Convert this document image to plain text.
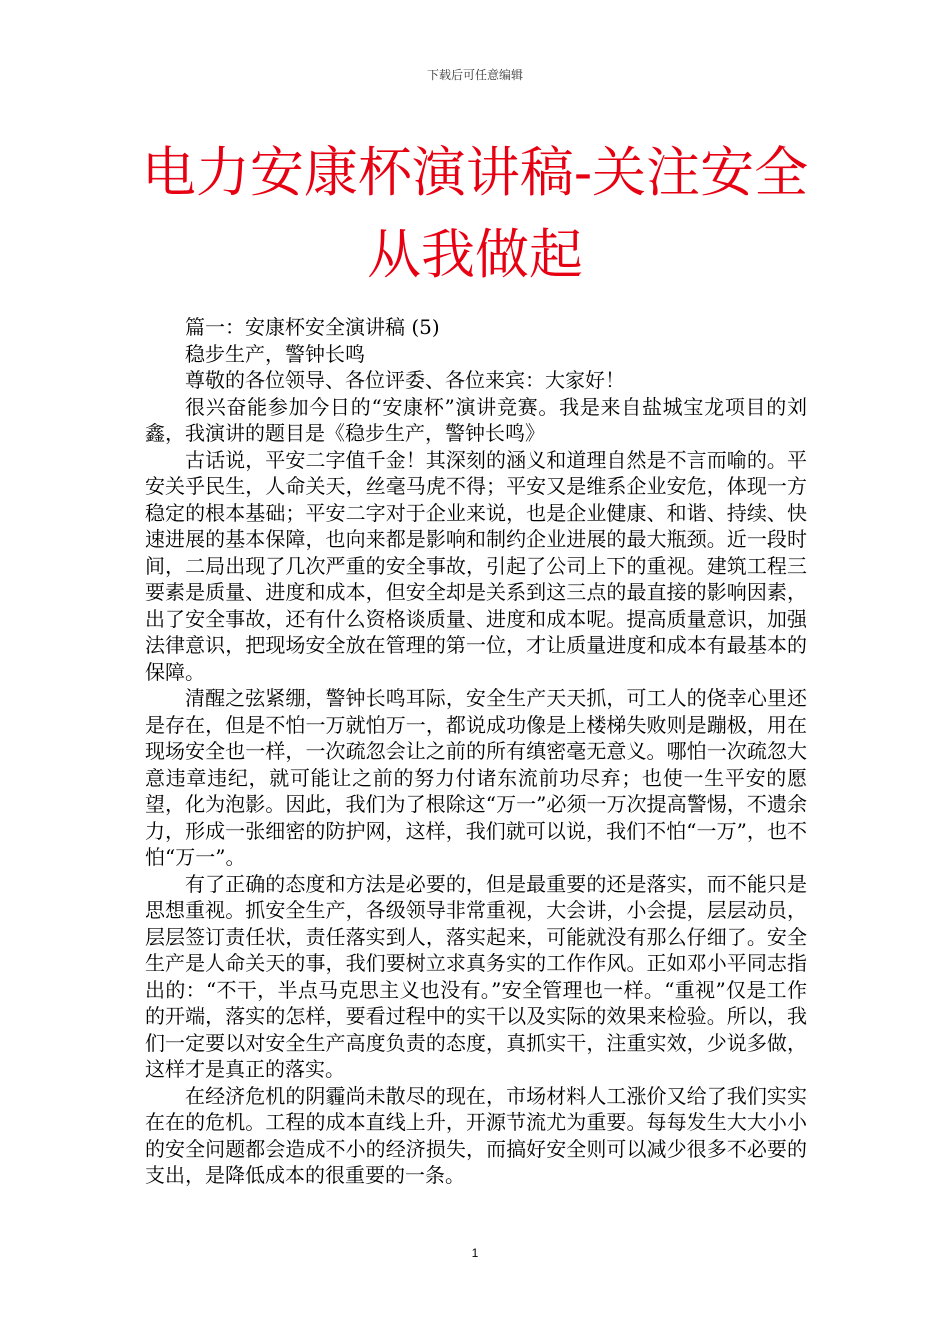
下载后可任意编辑
电力安康杯演讲稿-关注安全从我做起

篇一：安康杯安全演讲稿 (5)

稳步生产，警钟长鸣

尊敬的各位领导、各位评委、各位来宾：大家好！

很兴奋能参加今日的“安康杯”演讲竞赛。我是来自盐城宝龙项目的刘鑫，我演讲的题目是《稳步生产，警钟长鸣》

古话说，平安二字值千金！其深刻的涵义和道理自然是不言而喻的。平安关乎民生，人命关天，丝毫马虎不得；平安又是维系企业安危，体现一方稳定的根本基础；平安二字对于企业来说，也是企业健康、和谐、持续、快速进展的基本保障，也向来都是影响和制约企业进展的最大瓶颈。近一段时间，二局出现了几次严重的安全事故，引起了公司上下的重视。建筑工程三要素是质量、进度和成本，但安全却是关系到这三点的最直接的影响因素，出了安全事故，还有什么资格谈质量、进度和成本呢。提高质量意识，加强法律意识，把现场安全放在管理的第一位，才让质量进度和成本有最基本的保障。

清醒之弦紧绷，警钟长鸣耳际，安全生产天天抓，可工人的侥幸心里还是存在，但是不怕一万就怕万一，都说成功像是上楼梯失败则是蹦极，用在现场安全也一样，一次疏忽会让之前的所有缜密毫无意义。哪怕一次疏忽大意违章违纪，就可能让之前的努力付诸东流前功尽弃；也使一生平安的愿望，化为泡影。因此，我们为了根除这“万一”必须一万次提高警惕，不遗余力，形成一张细密的防护网，这样，我们就可以说，我们不怕“一万”，也不怕“万一”。

有了正确的态度和方法是必要的，但是最重要的还是落实，而不能只是思想重视。抓安全生产，各级领导非常重视，大会讲，小会提，层层动员，层层签订责任状，责任落实到人，落实起来，可能就没有那么仔细了。安全生产是人命关天的事，我们要树立求真务实的工作作风。正如邓小平同志指出的：“不干，半点马克思主义也没有。”安全管理也一样。“重视”仅是工作的开端，落实的怎样，要看过程中的实干以及实际的效果来检验。所以，我们一定要以对安全生产高度负责的态度，真抓实干，注重实效，少说多做，这样才是真正的落实。

在经济危机的阴霾尚未散尽的现在，市场材料人工涨价又给了我们实实在在的危机。工程的成本直线上升，开源节流尤为重要。每每发生大大小小的安全问题都会造成不小的经济损失，而搞好安全则可以减少很多不必要的支出，是降低成本的很重要的一条。

1
